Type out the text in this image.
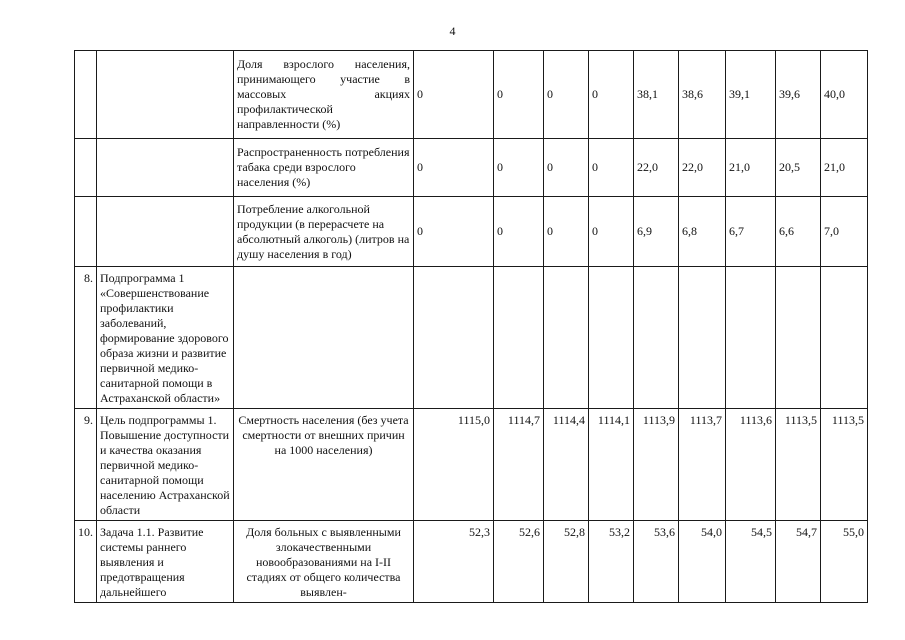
4
		Доля взрослого населения, принимающего участие в массовых акциях профилактической направленности (%)	0	0	0	0	38,1	38,6	39,1	39,6	40,0
		Распространенность потребления табака среди взрослого населения (%)	0	0	0	0	22,0	22,0	21,0	20,5	21,0
		Потребление алкогольной продукции (в перерасчете на абсолютный алкоголь) (литров на душу населения в год)	0	0	0	0	6,9	6,8	6,7	6,6	7,0
8.	Подпрограмма 1 «Совершенствование профилактики заболеваний, формирование здорового образа жизни и развитие первичной медико-санитарной помощи в Астраханской области»										
9.	Цель подпрограммы 1. Повышение доступности и качества оказания первичной медико-санитарной помощи населению Астраханской области	Смертность населения (без учета смертности от внешних причин на 1000 населения)	1115,0	1114,7	1114,4	1114,1	1113,9	1113,7	1113,6	1113,5	1113,5
10.	Задача 1.1. Развитие системы раннего выявления и предотвращения дальнейшего	Доля больных с выявленными злокачественными новообразованиями на I-II стадиях от общего количества выявлен-	52,3	52,6	52,8	53,2	53,6	54,0	54,5	54,7	55,0
